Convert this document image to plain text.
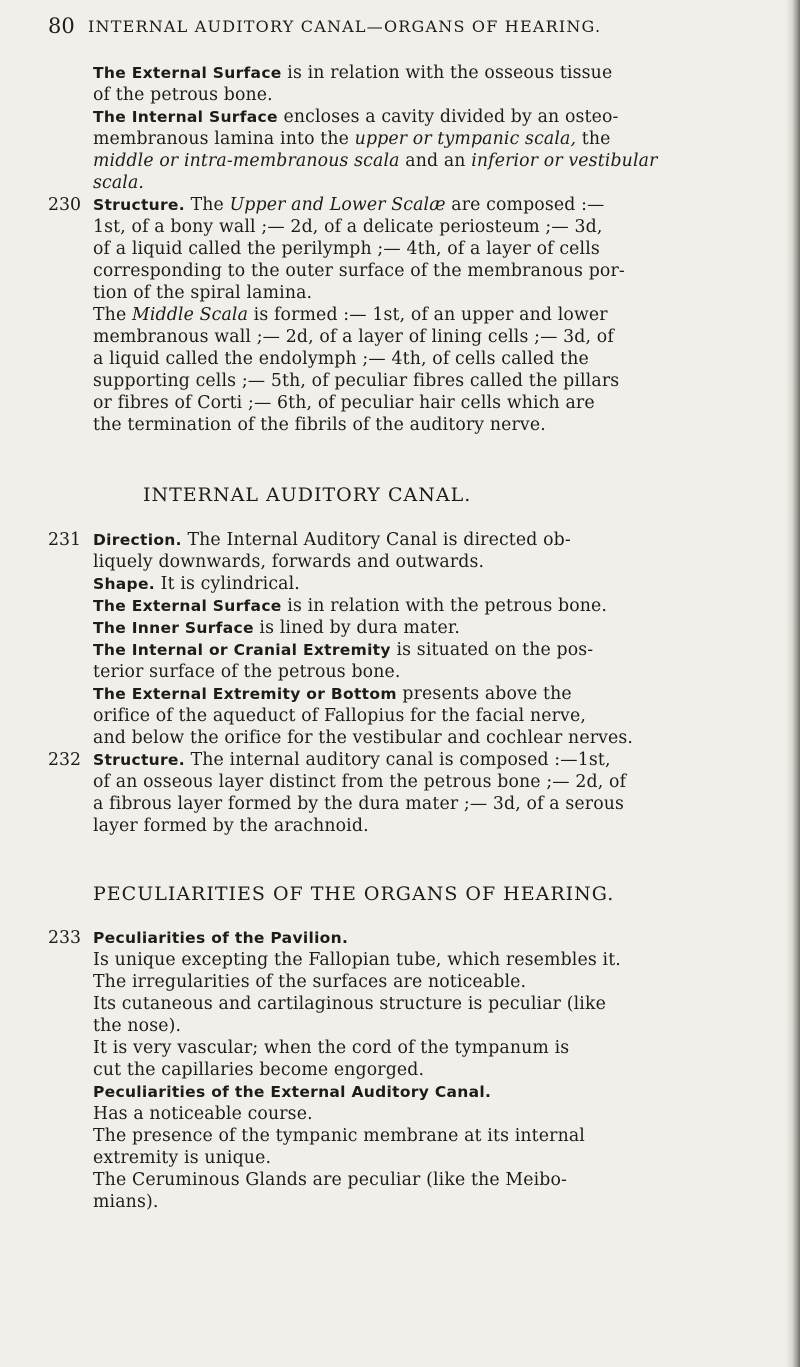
80 INTERNAL AUDITORY CANAL—ORGANS OF HEARING.
The External Surface is in relation with the osseous tissue
of the petrous bone.
The Internal Surface encloses a cavity divided by an osteo-
membranous lamina into the upper or tympanic scala, the
middle or intra-membranous scala and an inferior or vestibular
scala.
230 Structure. The Upper and Lower Scalæ are composed :—
1st, of a bony wall ;— 2d, of a delicate periosteum ;— 3d,
of a liquid called the perilymph ;— 4th, of a layer of cells
corresponding to the outer surface of the membranous por-
tion of the spiral lamina.
The Middle Scala is formed :— 1st, of an upper and lower
membranous wall ;— 2d, of a layer of lining cells ;— 3d, of
a liquid called the endolymph ;— 4th, of cells called the
supporting cells ;— 5th, of peculiar fibres called the pillars
or fibres of Corti ;— 6th, of peculiar hair cells which are
the termination of the fibrils of the auditory nerve.
INTERNAL AUDITORY CANAL.
231 Direction. The Internal Auditory Canal is directed ob-
liquely downwards, forwards and outwards.
Shape. It is cylindrical.
The External Surface is in relation with the petrous bone.
The Inner Surface is lined by dura mater.
The Internal or Cranial Extremity is situated on the pos-
terior surface of the petrous bone.
The External Extremity or Bottom presents above the
orifice of the aqueduct of Fallopius for the facial nerve,
and below the orifice for the vestibular and cochlear nerves.
232 Structure. The internal auditory canal is composed :—1st,
of an osseous layer distinct from the petrous bone ;— 2d, of
a fibrous layer formed by the dura mater ;— 3d, of a serous
layer formed by the arachnoid.
PECULIARITIES OF THE ORGANS OF HEARING.
233 Peculiarities of the Pavilion.
Is unique excepting the Fallopian tube, which resembles it.
The irregularities of the surfaces are noticeable.
Its cutaneous and cartilaginous structure is peculiar (like
the nose).
It is very vascular; when the cord of the tympanum is
cut the capillaries become engorged.
Peculiarities of the External Auditory Canal.
Has a noticeable course.
The presence of the tympanic membrane at its internal
extremity is unique.
The Ceruminous Glands are peculiar (like the Meibo-
mians).
